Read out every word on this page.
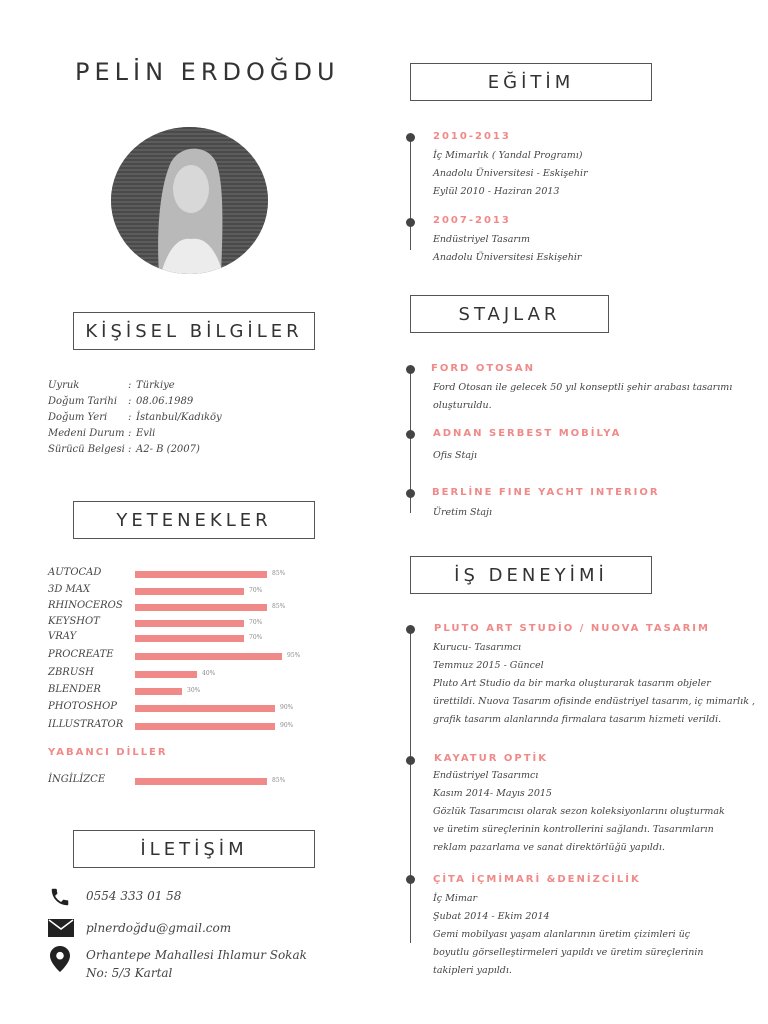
PELİN ERDOĞDU
KİŞİSEL BİLGİLER
YETENEKLER
İLETİŞİM
Uyruk	: Türkiye
Doğum Tarihi : 08.06.1989
Doğum Yeri : İstanbul/Kadıköy
Medeni Durum : Evli
Sürücü Belgesi : A2- B (2007)
AUTOCAD	85%
3D MAX	70%
RHINOCEROS	85%
KEYSHOT	70%
VRAY	70%
PROCREATE	95%
ZBRUSH	40%
BLENDER	30%
PHOTOSHOP	90%
ILLUSTRATOR	90%
YABANCI DİLLER
İNGİLİZCE	85%
0554 333 01 58
plnerdoğdu@gmail.com
Orhantepe Mahallesi Ihlamur Sokak
No: 5/3 Kartal
EĞİTİM
STAJLAR
İŞ DENEYİMİ
2010-2013
İç Mimarlık ( Yandal Programı)
Anadolu Üniversitesi - Eskişehir
Eylül 2010 - Haziran 2013
2007-2013
Endüstriyel Tasarım
Anadolu Üniversitesi Eskişehir
FORD OTOSAN
Ford Otosan ile gelecek 50 yıl konseptli şehir arabası tasarımı
oluşturuldu.
ADNAN SERBEST MOBİLYA
Ofis Stajı
BERLİNE FINE YACHT INTERIOR
Üretim Stajı
PLUTO ART STUDİO / NUOVA TASARIM
Kurucu- Tasarımcı
Temmuz 2015 - Güncel
Pluto Art Studio da bir marka oluşturarak tasarım objeler
ürettildi. Nuova Tasarım ofisinde endüstriyel tasarım, iç mimarlık ,
grafik tasarım alanlarında firmalara tasarım hizmeti verildi.
KAYATUR OPTİK
Endüstriyel Tasarımcı
Kasım 2014- Mayıs 2015
Gözlük Tasarımcısı olarak sezon koleksiyonlarını oluşturmak
ve üretim süreçlerinin kontrollerini sağlandı. Tasarımların
reklam pazarlama ve sanat direktörlüğü yapıldı.
ÇİTA İÇMİMARİ &DENİZCİLİK
İç Mimar
Şubat 2014 - Ekim 2014
Gemi mobilyası yaşam alanlarının üretim çizimleri üç
boyutlu görselleştirmeleri yapıldı ve üretim süreçlerinin
takipleri yapıldı.
